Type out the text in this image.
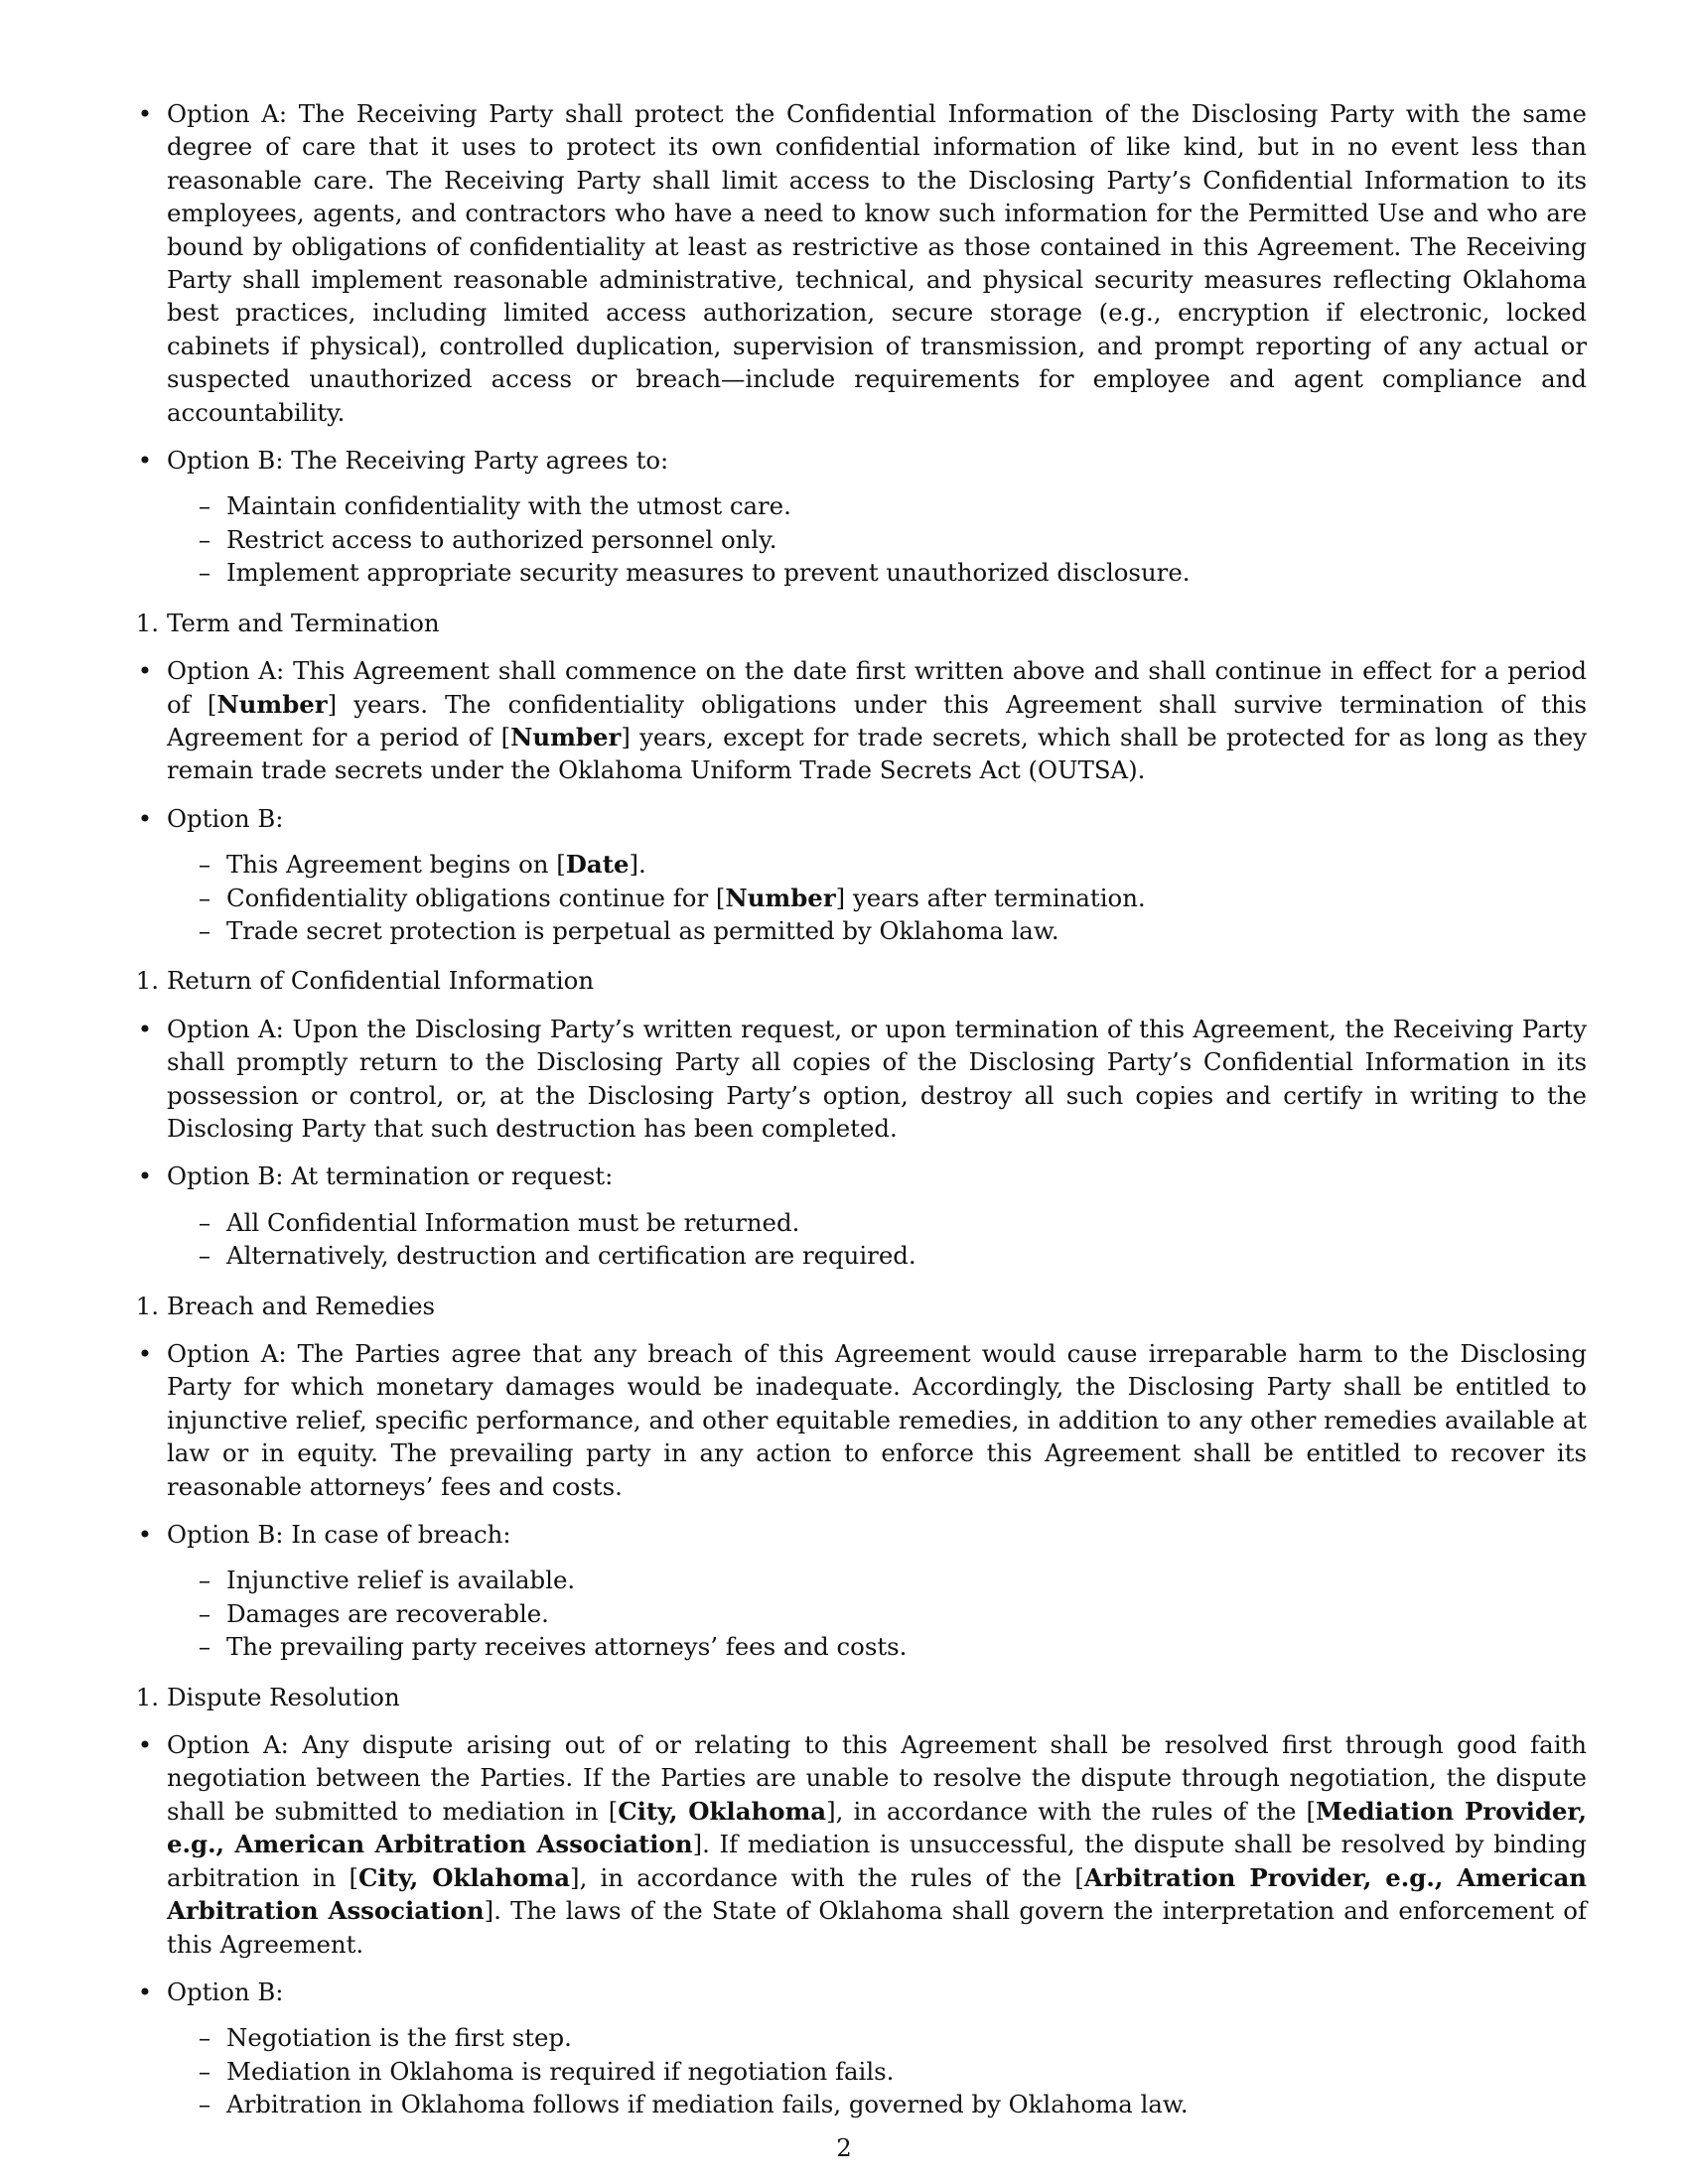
• Option A: The Receiving Party shall protect the Confidential Information of the Disclosing Party with the same degree of care that it uses to protect its own confidential information of like kind, but in no event less than reasonable care. The Receiving Party shall limit access to the Disclosing Party’s Confidential Information to its employees, agents, and contractors who have a need to know such information for the Permitted Use and who are bound by obligations of confidentiality at least as restrictive as those contained in this Agreement. The Receiving Party shall implement reasonable administrative, technical, and physical security measures reflecting Oklahoma best practices, including limited access authorization, secure storage (e.g., encryption if electronic, locked cabinets if physical), controlled duplication, supervision of transmission, and prompt reporting of any actual or suspected unauthorized access or breach—include requirements for employee and agent compliance and accountability.
• Option B: The Receiving Party agrees to:
– Maintain confidentiality with the utmost care.
– Restrict access to authorized personnel only.
– Implement appropriate security measures to prevent unauthorized disclosure.
1. Term and Termination
• Option A: This Agreement shall commence on the date first written above and shall continue in effect for a period of [Number] years. The confidentiality obligations under this Agreement shall survive termination of this Agreement for a period of [Number] years, except for trade secrets, which shall be protected for as long as they remain trade secrets under the Oklahoma Uniform Trade Secrets Act (OUTSA).
• Option B:
– This Agreement begins on [Date].
– Confidentiality obligations continue for [Number] years after termination.
– Trade secret protection is perpetual as permitted by Oklahoma law.
1. Return of Confidential Information
• Option A: Upon the Disclosing Party’s written request, or upon termination of this Agreement, the Receiving Party shall promptly return to the Disclosing Party all copies of the Disclosing Party’s Confidential Information in its possession or control, or, at the Disclosing Party’s option, destroy all such copies and certify in writing to the Disclosing Party that such destruction has been completed.
• Option B: At termination or request:
– All Confidential Information must be returned.
– Alternatively, destruction and certification are required.
1. Breach and Remedies
• Option A: The Parties agree that any breach of this Agreement would cause irreparable harm to the Disclosing Party for which monetary damages would be inadequate. Accordingly, the Disclosing Party shall be entitled to injunctive relief, specific performance, and other equitable remedies, in addition to any other remedies available at law or in equity. The prevailing party in any action to enforce this Agreement shall be entitled to recover its reasonable attorneys’ fees and costs.
• Option B: In case of breach:
– Injunctive relief is available.
– Damages are recoverable.
– The prevailing party receives attorneys’ fees and costs.
1. Dispute Resolution
• Option A: Any dispute arising out of or relating to this Agreement shall be resolved first through good faith negotiation between the Parties. If the Parties are unable to resolve the dispute through negotiation, the dispute shall be submitted to mediation in [City, Oklahoma], in accordance with the rules of the [Mediation Provider, e.g., American Arbitration Association]. If mediation is unsuccessful, the dispute shall be resolved by binding arbitration in [City, Oklahoma], in accordance with the rules of the [Arbitration Provider, e.g., American Arbitration Association]. The laws of the State of Oklahoma shall govern the interpretation and enforcement of this Agreement.
• Option B:
– Negotiation is the first step.
– Mediation in Oklahoma is required if negotiation fails.
– Arbitration in Oklahoma follows if mediation fails, governed by Oklahoma law.
2
